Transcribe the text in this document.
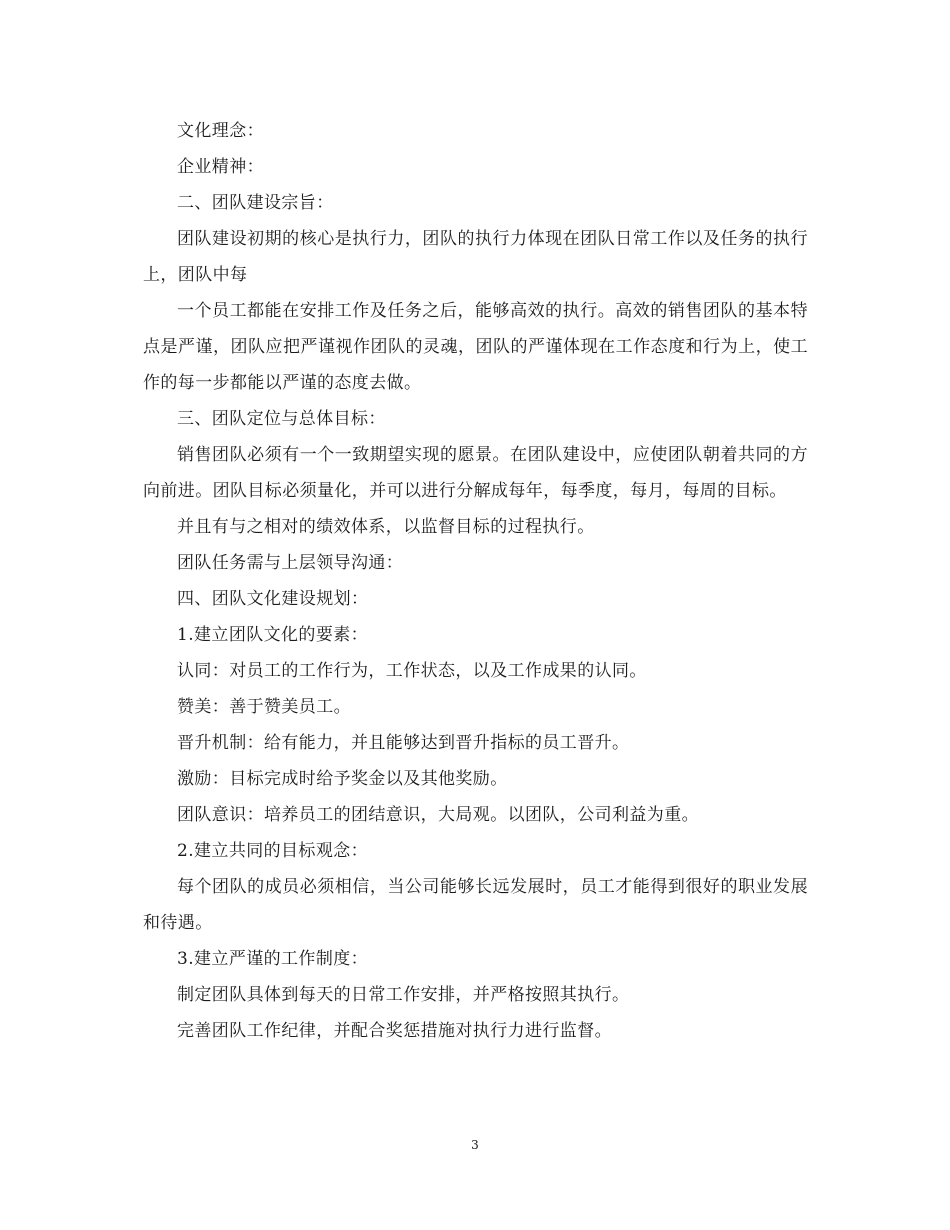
文化理念：

企业精神：

二、团队建设宗旨：

团队建设初期的核心是执行力，团队的执行力体现在团队日常工作以及任务的执行上，团队中每

一个员工都能在安排工作及任务之后，能够高效的执行。高效的销售团队的基本特点是严谨，团队应把严谨视作团队的灵魂，团队的严谨体现在工作态度和行为上，使工作的每一步都能以严谨的态度去做。

三、团队定位与总体目标：

销售团队必须有一个一致期望实现的愿景。在团队建设中，应使团队朝着共同的方向前进。团队目标必须量化，并可以进行分解成每年，每季度，每月，每周的目标。

并且有与之相对的绩效体系，以监督目标的过程执行。

团队任务需与上层领导沟通：

四、团队文化建设规划：

1.建立团队文化的要素：

认同：对员工的工作行为，工作状态，以及工作成果的认同。

赞美：善于赞美员工。

晋升机制：给有能力，并且能够达到晋升指标的员工晋升。

激励：目标完成时给予奖金以及其他奖励。

团队意识：培养员工的团结意识，大局观。以团队，公司利益为重。

2.建立共同的目标观念：

每个团队的成员必须相信，当公司能够长远发展时，员工才能得到很好的职业发展和待遇。

3.建立严谨的工作制度：

制定团队具体到每天的日常工作安排，并严格按照其执行。

完善团队工作纪律，并配合奖惩措施对执行力进行监督。

3
